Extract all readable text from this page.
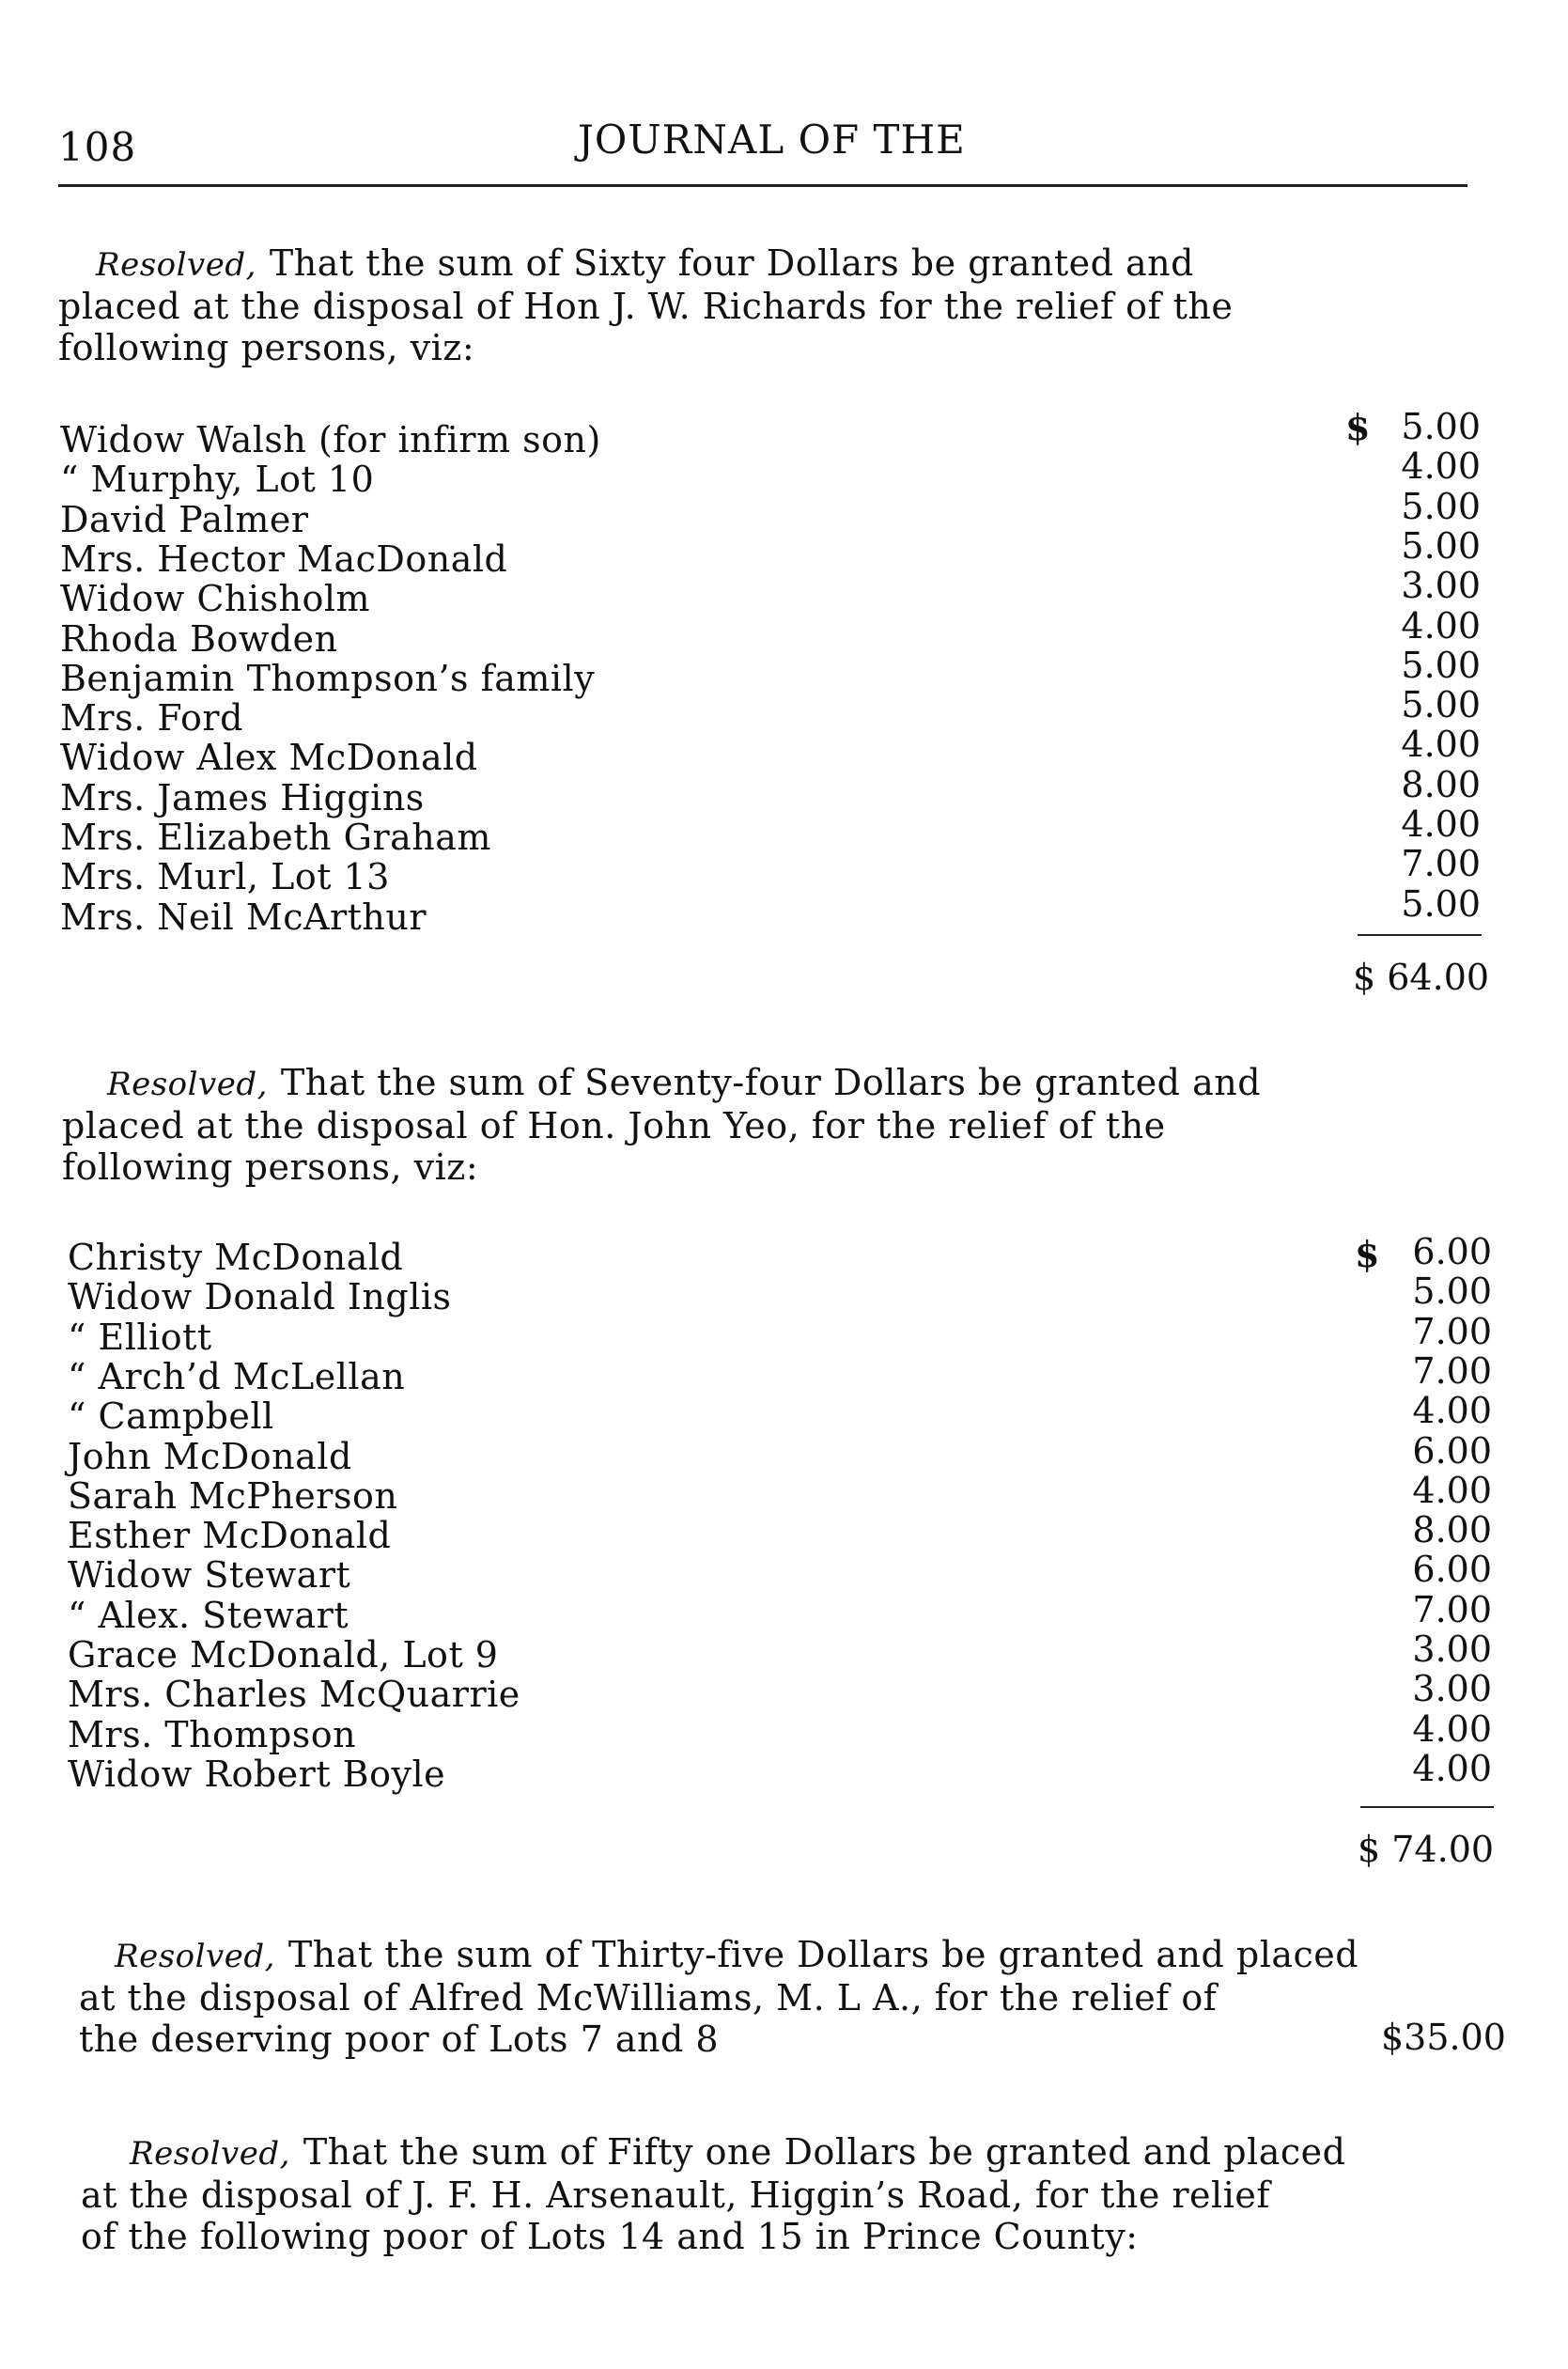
108	JOURNAL OF THE
Resolved, That the sum of Sixty four Dollars be granted and
placed at the disposal of Hon J. W. Richards for the relief of the
following persons, viz:
$
Widow Walsh (for infirm son)	5.00
“ Murphy, Lot 10	4.00
David Palmer	5.00
Mrs. Hector MacDonald	5.00
Widow Chisholm	3.00
Rhoda Bowden	4.00
Benjamin Thompson’s family	5.00
Mrs. Ford	5.00
Widow Alex McDonald	4.00
Mrs. James Higgins	8.00
Mrs. Elizabeth Graham	4.00
Mrs. Murl, Lot 13	7.00
Mrs. Neil McArthur	5.00
$ 64.00
Resolved, That the sum of Seventy-four Dollars be granted and
placed at the disposal of Hon. John Yeo, for the relief of the
following persons, viz:
$
Christy McDonald	6.00
Widow Donald Inglis	5.00
“ Elliott	7.00
“ Arch’d McLellan	7.00
“ Campbell	4.00
John McDonald	6.00
Sarah McPherson	4.00
Esther McDonald	8.00
Widow Stewart	6.00
“ Alex. Stewart	7.00
Grace McDonald, Lot 9	3.00
Mrs. Charles McQuarrie	3.00
Mrs. Thompson	4.00
Widow Robert Boyle	4.00
$ 74.00
Resolved, That the sum of Thirty-five Dollars be granted and placed
at the disposal of Alfred McWilliams, M. L A., for the relief of
the deserving poor of Lots 7 and 8	$35.00
Resolved, That the sum of Fifty one Dollars be granted and placed
at the disposal of J. F. H. Arsenault, Higgin’s Road, for the relief
of the following poor of Lots 14 and 15 in Prince County:
